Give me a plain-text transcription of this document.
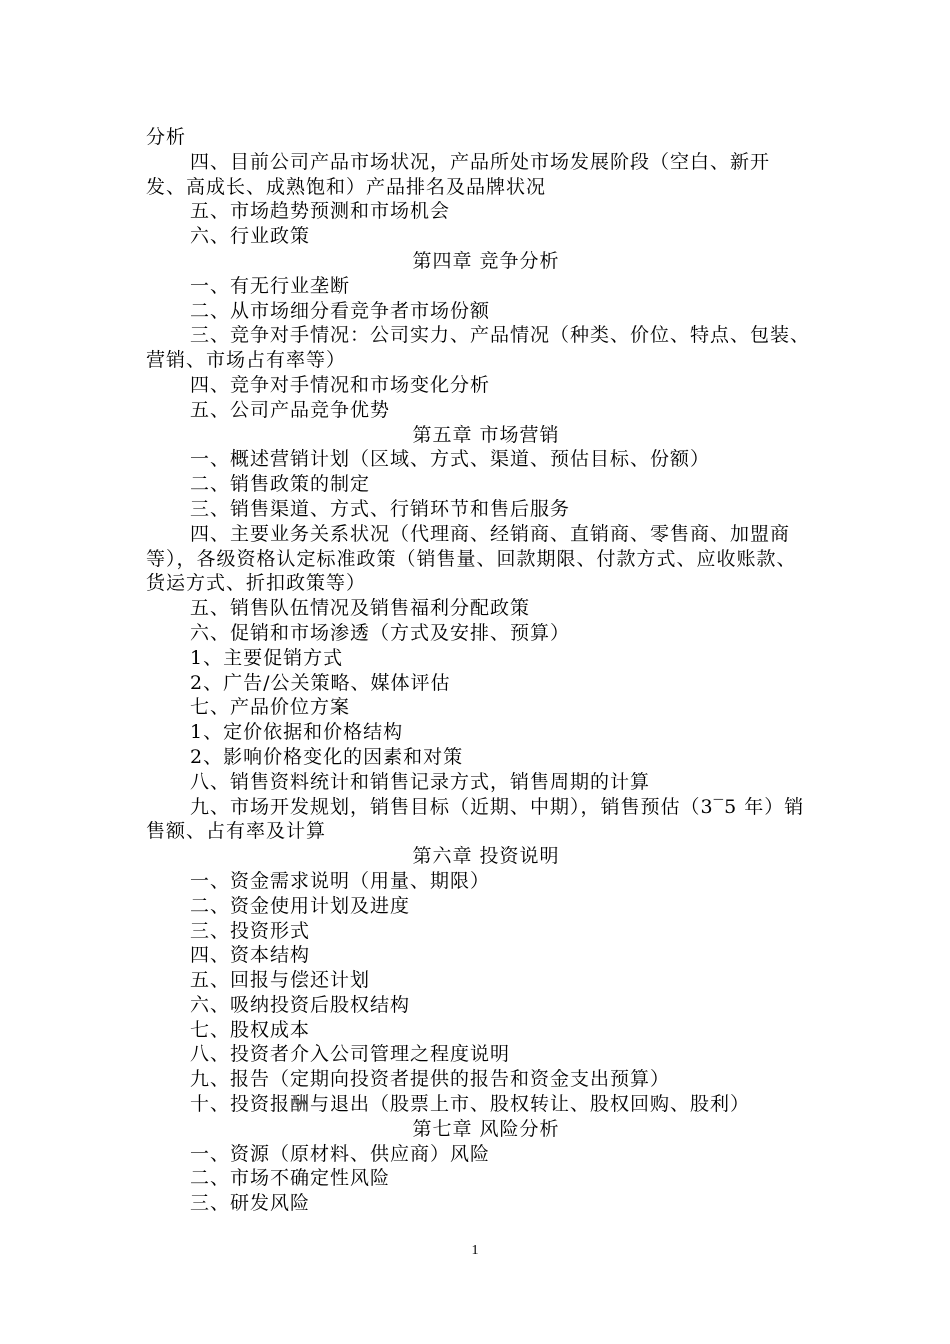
分析
四、目前公司产品市场状况，产品所处市场发展阶段（空白、新开
发、高成长、成熟饱和）产品排名及品牌状况
五、市场趋势预测和市场机会
六、行业政策
第四章 竞争分析
一、有无行业垄断
二、从市场细分看竞争者市场份额
三、竞争对手情况：公司实力、产品情况（种类、价位、特点、包装、
营销、市场占有率等）
四、竞争对手情况和市场变化分析
五、公司产品竞争优势
第五章 市场营销
一、概述营销计划（区域、方式、渠道、预估目标、份额）
二、销售政策的制定
三、销售渠道、方式、行销环节和售后服务
四、主要业务关系状况（代理商、经销商、直销商、零售商、加盟商
等），各级资格认定标准政策（销售量、回款期限、付款方式、应收账款、
货运方式、折扣政策等）
五、销售队伍情况及销售福利分配政策
六、促销和市场渗透（方式及安排、预算）
1、主要促销方式
2、广告/公关策略、媒体评估
七、产品价位方案
1、定价依据和价格结构
2、影响价格变化的因素和对策
八、销售资料统计和销售记录方式，销售周期的计算
九、市场开发规划，销售目标（近期、中期），销售预估（3‾5 年）销
售额、占有率及计算
第六章 投资说明
一、资金需求说明（用量、期限）
二、资金使用计划及进度
三、投资形式
四、资本结构
五、回报与偿还计划
六、吸纳投资后股权结构
七、股权成本
八、投资者介入公司管理之程度说明
九、报告（定期向投资者提供的报告和资金支出预算）
十、投资报酬与退出（股票上市、股权转让、股权回购、股利）
第七章 风险分析
一、资源（原材料、供应商）风险
二、市场不确定性风险
三、研发风险
1
